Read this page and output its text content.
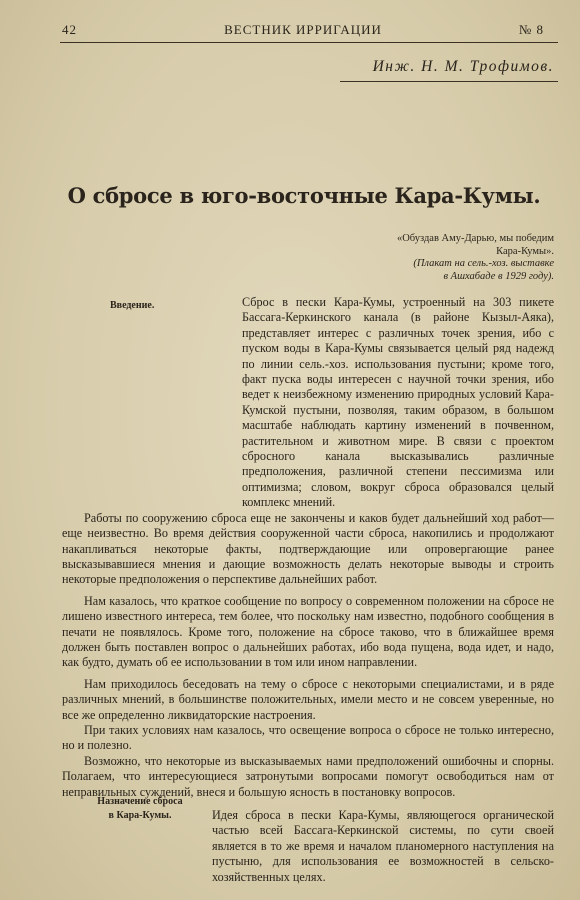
42	ВЕСТНИК ИРРИГАЦИИ	№ 8
Инж. Н. М. Трофимов.
О сбросе в юго-восточные Кара-Кумы.
«Обуздав Аму-Дарью, мы победим
Кара-Кумы».
(Плакат на сель.-хоз. выставке
в Ашхабаде в 1929 году).
Введение.
Назначение сброса
в Кара-Кумы.

Сброс в пески Кара-Кумы, устроенный на 303 пикете Бассага-Керкинского канала (в районе Кызыл-Аяка), представляет интерес с различных точек зрения, ибо с пуском воды в Кара-Кумы связывается целый ряд надежд по линии сель.-хоз. использования пустыни; кроме того, факт пуска воды интересен с научной точки зрения, ибо ведет к неизбежному изменению природных условий Кара-Кумской пустыни, позволяя, таким образом, в большом масштабе наблюдать картину изменений в почвенном, растительном и животном мире. В связи с проектом сбросного канала высказывались различные предположения, различной степени пессимизма или оптимизма; словом, вокруг сброса образовался целый комплекс мнений.

Работы по сооружению сброса еще не закончены и каков будет дальнейший ход работ—еще неизвестно. Во время действия сооруженной части сброса, накопились и продолжают накапливаться некоторые факты, подтверждающие или опровергающие ранее высказывавшиеся мнения и дающие возможность делать некоторые выводы и строить некоторые предположения о перспективе дальнейших работ.

Нам казалось, что краткое сообщение по вопросу о современном положении на сбросе не лишено известного интереса, тем более, что поскольку нам известно, подобного сообщения в печати не появлялось. Кроме того, положение на сбросе таково, что в ближайшее время должен быть поставлен вопрос о дальнейших работах, ибо вода пущена, вода идет, и надо, как будто, думать об ее использовании в том или ином направлении.

Нам приходилось беседовать на тему о сбросе с некоторыми специалистами, и в ряде различных мнений, в большинстве положительных, имели место и не совсем уверенные, но все же определенно ликвидаторские настроения.

При таких условиях нам казалось, что освещение вопроса о сбросе не только интересно, но и полезно.

Возможно, что некоторые из высказываемых нами предположений ошибочны и спорны. Полагаем, что интересующиеся затронутыми вопросами помогут освободиться нам от неправильных суждений, внеся и большую ясность в постановку вопросов.

Идея сброса в пески Кара-Кумы, являющегося органической частью всей Бассага-Керкинской системы, по сути своей является в то же время и началом планомерного наступления на пустыню, для использования ее возможностей в сельско-хозяйственных целях.
